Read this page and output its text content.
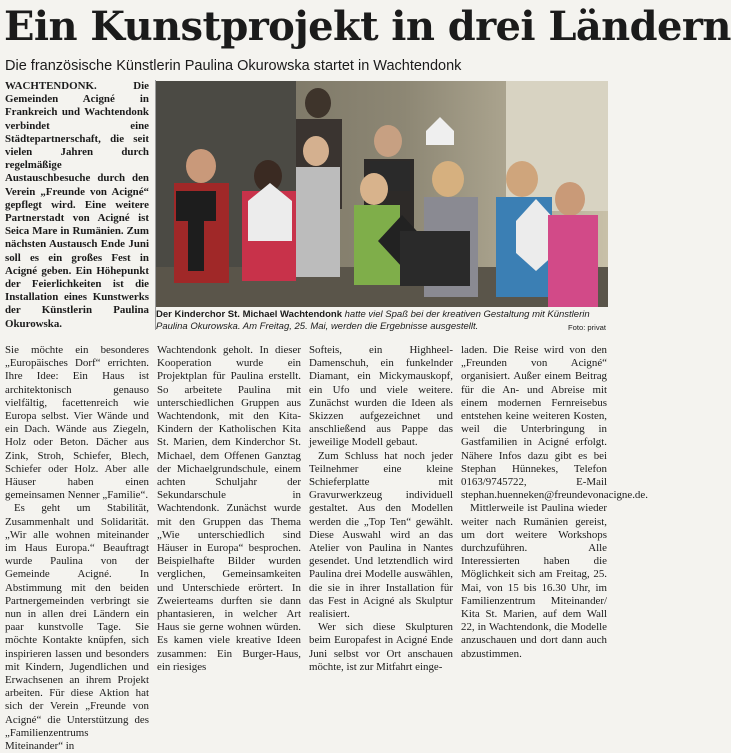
Ein Kunstprojekt in drei Ländern
Die französische Künstlerin Paulina Okurowska startet in Wachtendonk

WACHTENDONK. Die Gemeinden Acigné in Frankreich und Wachtendonk verbindet eine Städtepartnerschaft, die seit vielen Jahren durch regelmäßige Austauschbesuche durch den Verein „Freunde von Acigné“ gepflegt wird. Eine weitere Partnerstadt von Acigné ist Seica Mare in Rumänien. Zum nächsten Austausch Ende Juni soll es ein großes Fest in Acigné geben. Ein Höhepunkt der Feierlichkeiten ist die Installation eines Kunstwerks der Künstlerin Paulina Okurowska.

Sie möchte ein besonderes „Europäisches Dorf“ errichten. Ihre Idee: Ein Haus ist architektonisch genauso vielfältig, facettenreich wie Europa selbst. Vier Wände und ein Dach. Wände aus Ziegeln, Holz oder Beton. Dächer aus Zink, Stroh, Schiefer, Blech, Schiefer oder Holz. Aber alle Häuser haben einen gemeinsamen Nenner „Familie“.

Es geht um Stabilität, Zusammenhalt und Solidarität. „Wir alle wohnen miteinander im Haus Europa.“ Beauftragt wurde Paulina von der Gemeinde Acigné. In Abstimmung mit den beiden Partnergemeinden verbringt sie nun in allen drei Ländern ein paar kunstvolle Tage. Sie möchte Kontakte knüpfen, sich inspirieren lassen und besonders mit Kindern, Jugendlichen und Erwachsenen an ihrem Projekt arbeiten. Für diese Aktion hat sich der Verein „Freunde von Acigné“ die Unterstützung des „Familienzentrums Miteinander“ in

Der Kinderchor St. Michael Wachtendonk hatte viel Spaß bei der kreativen Gestaltung mit Künstlerin Paulina Okurowska. Am Freitag, 25. Mai, werden die Ergebnisse ausgestellt.	Foto: privat

Wachtendonk geholt. In dieser Kooperation wurde ein Projektplan für Paulina erstellt. So arbeitete Paulina mit unterschiedlichen Gruppen aus Wachtendonk, mit den Kita-Kindern der Katholischen Kita St. Marien, dem Kinderchor St. Michael, dem Offenen Ganztag der Michaelgrundschule, einem achten Schuljahr der Sekundarschule in Wachtendonk. Zunächst wurde mit den Gruppen das Thema „Wie unterschiedlich sind Häuser in Europa“ besprochen. Beispielhafte Bilder wurden verglichen, Gemeinsamkeiten und Unterschiede erörtert. In Zweierteams durften sie dann phantasieren, in welcher Art Haus sie gerne wohnen würden. Es kamen viele kreative Ideen zusammen: Ein Burger-Haus, ein riesiges

Softeis, ein Highheel-Damenschuh, ein funkelnder Diamant, ein Mickymauskopf, ein Ufo und viele weitere. Zunächst wurden die Ideen als Skizzen aufgezeichnet und anschließend aus Pappe das jeweilige Modell gebaut.

Zum Schluss hat noch jeder Teilnehmer eine kleine Schieferplatte mit Gravurwerkzeug individuell gestaltet. Aus den Modellen werden die „Top Ten“ gewählt. Diese Auswahl wird an das Atelier von Paulina in Nantes gesendet. Und letztendlich wird Paulina drei Modelle auswählen, die sie in ihrer Installation für das Fest in Acigné als Skulptur realisiert.

Wer sich diese Skulpturen beim Europafest in Acigné Ende Juni selbst vor Ort anschauen möchte, ist zur Mitfahrt einge-

laden. Die Reise wird von den „Freunden von Acigné“ organisiert. Außer einem Beitrag für die An- und Abreise mit einem modernen Fernreisebus entstehen keine weiteren Kosten, weil die Unterbringung in Gastfamilien in Acigné erfolgt. Nähere Infos dazu gibt es bei Stephan Hünnekes, Telefon 0163/9745722, E-Mail stephan.huenneken@freundevonacigne.de.

Mittlerweile ist Paulina wieder weiter nach Rumänien gereist, um dort weitere Workshops durchzuführen. Alle Interessierten haben die Möglichkeit sich am Freitag, 25. Mai, von 15 bis 16.30 Uhr, im Familienzentrum Miteinander/ Kita St. Marien, auf dem Wall 22, in Wachtendonk, die Modelle anzuschauen und dort dann auch abzustimmen.
